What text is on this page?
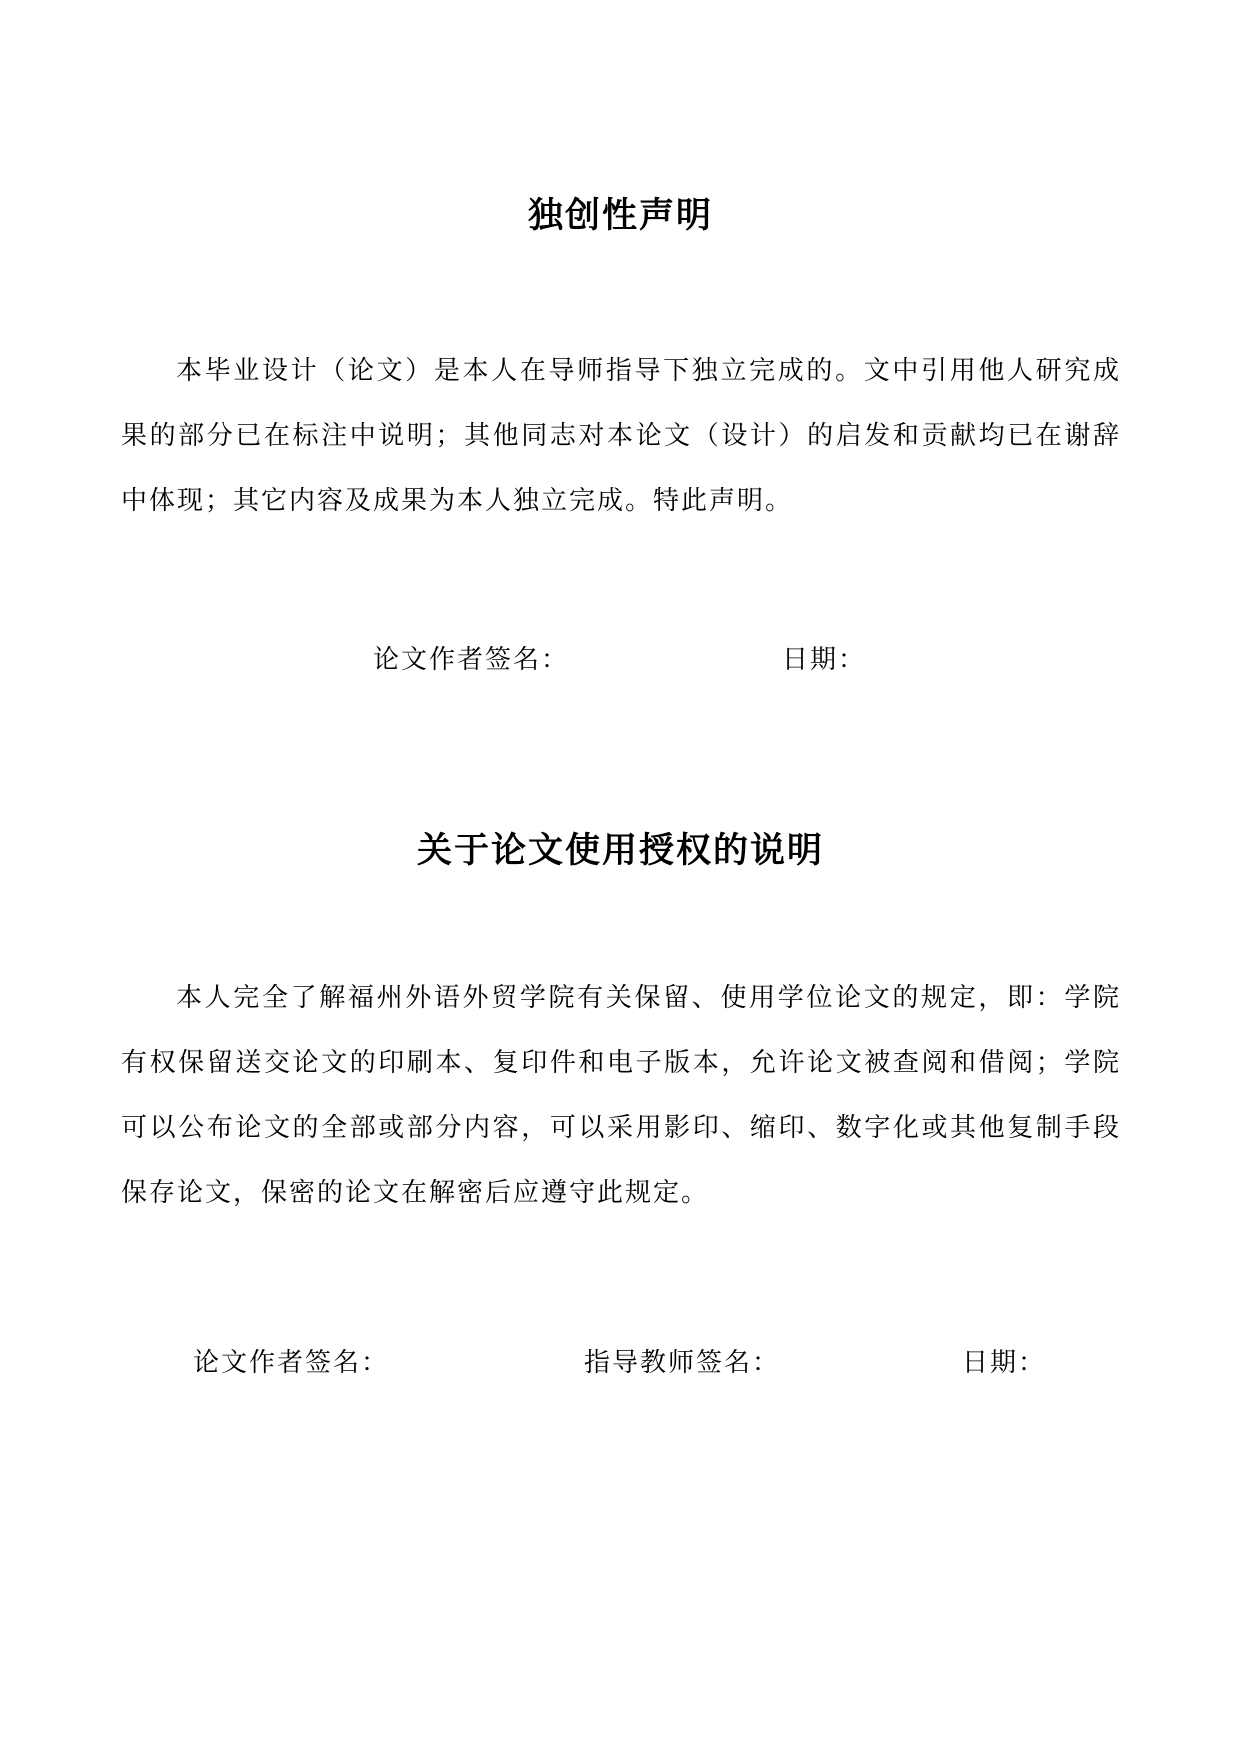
独创性声明

本毕业设计（论文）是本人在导师指导下独立完成的。文中引用他人研究成果的部分已在标注中说明；其他同志对本论文（设计）的启发和贡献均已在谢辞中体现；其它内容及成果为本人独立完成。特此声明。

论文作者签名：	日期：
关于论文使用授权的说明

本人完全了解福州外语外贸学院有关保留、使用学位论文的规定，即：学院有权保留送交论文的印刷本、复印件和电子版本，允许论文被查阅和借阅；学院可以公布论文的全部或部分内容，可以采用影印、缩印、数字化或其他复制手段保存论文，保密的论文在解密后应遵守此规定。

论文作者签名：	指导教师签名：	日期：
